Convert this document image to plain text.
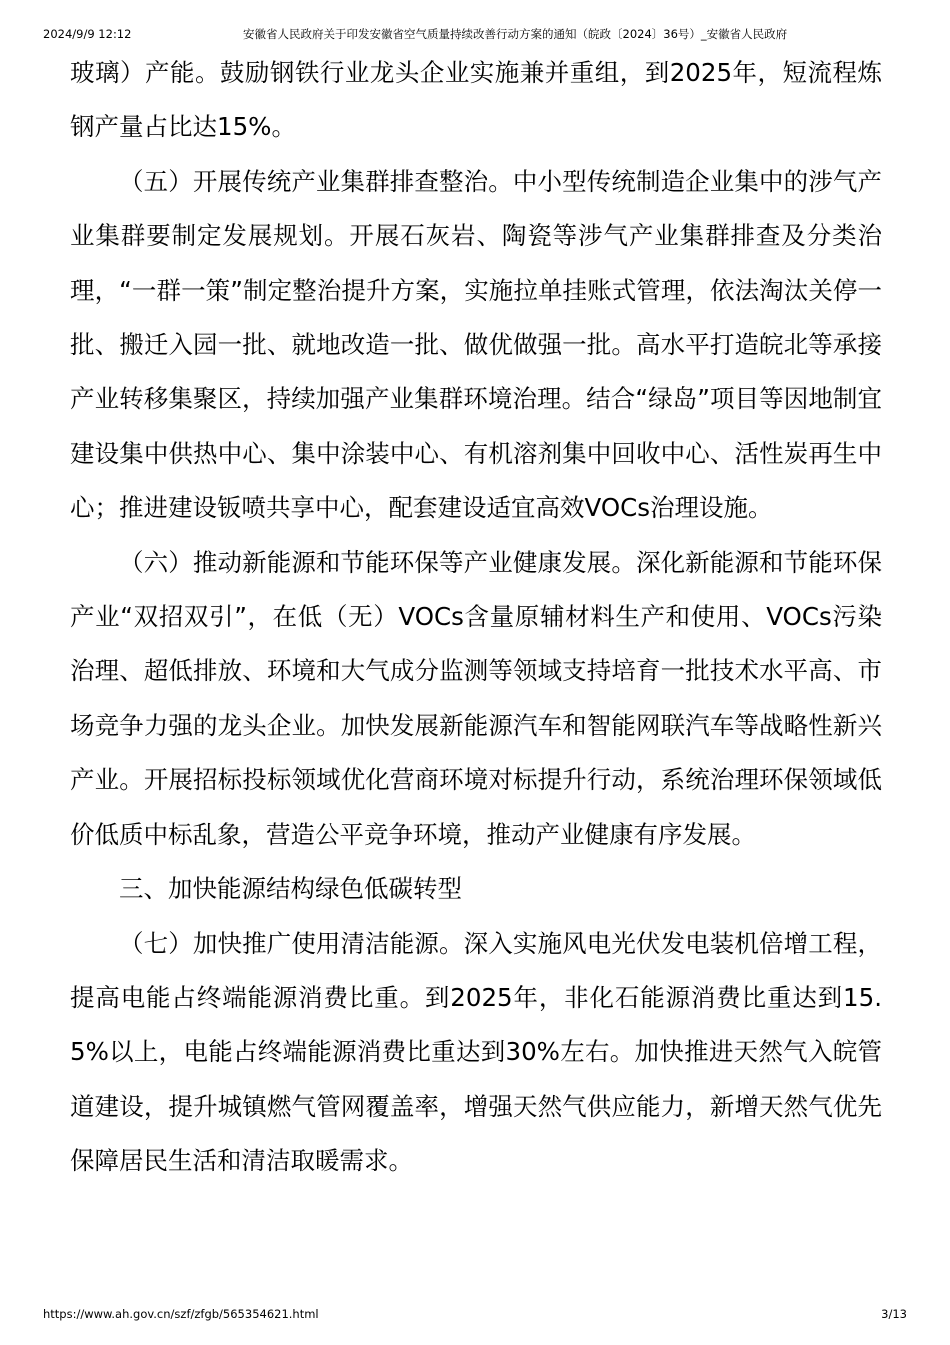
2024/9/9 12:12	安徽省人民政府关于印发安徽省空气质量持续改善行动方案的通知（皖政〔2024〕36号）_安徽省人民政府

玻璃）产能。鼓励钢铁行业龙头企业实施兼并重组，到2025年，短流程炼钢产量占比达15%。

（五）开展传统产业集群排查整治。中小型传统制造企业集中的涉气产业集群要制定发展规划。开展石灰岩、陶瓷等涉气产业集群排查及分类治理，“一群一策”制定整治提升方案，实施拉单挂账式管理，依法淘汰关停一批、搬迁入园一批、就地改造一批、做优做强一批。高水平打造皖北等承接产业转移集聚区，持续加强产业集群环境治理。结合“绿岛”项目等因地制宜建设集中供热中心、集中涂装中心、有机溶剂集中回收中心、活性炭再生中心；推进建设钣喷共享中心，配套建设适宜高效VOCs治理设施。

（六）推动新能源和节能环保等产业健康发展。深化新能源和节能环保产业“双招双引”，在低（无）VOCs含量原辅材料生产和使用、VOCs污染治理、超低排放、环境和大气成分监测等领域支持培育一批技术水平高、市场竞争力强的龙头企业。加快发展新能源汽车和智能网联汽车等战略性新兴产业。开展招标投标领域优化营商环境对标提升行动，系统治理环保领域低价低质中标乱象，营造公平竞争环境，推动产业健康有序发展。

三、加快能源结构绿色低碳转型

（七）加快推广使用清洁能源。深入实施风电光伏发电装机倍增工程，提高电能占终端能源消费比重。到2025年，非化石能源消费比重达到15.5%以上，电能占终端能源消费比重达到30%左右。加快推进天然气入皖管道建设，提升城镇燃气管网覆盖率，增强天然气供应能力，新增天然气优先保障居民生活和清洁取暖需求。

https://www.ah.gov.cn/szf/zfgb/565354621.html	3/13
